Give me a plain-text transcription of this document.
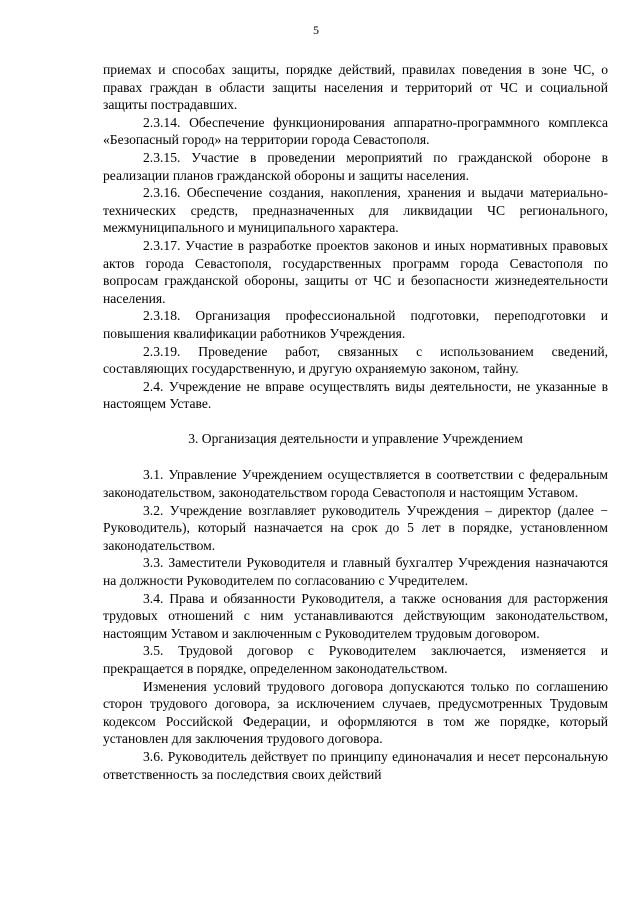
5

приемах и способах защиты, порядке действий, правилах поведения в зоне ЧС, о правах граждан в области защиты населения и территорий от ЧС и социальной защиты пострадавших.

2.3.14. Обеспечение функционирования аппаратно-программного комплекса «Безопасный город» на территории города Севастополя.

2.3.15. Участие в проведении мероприятий по гражданской обороне в реализации планов гражданской обороны и защиты населения.

2.3.16. Обеспечение создания, накопления, хранения и выдачи материально-технических средств, предназначенных для ликвидации ЧС регионального, межмуниципального и муниципального характера.

2.3.17. Участие в разработке проектов законов и иных нормативных правовых актов города Севастополя, государственных программ города Севастополя по вопросам гражданской обороны, защиты от ЧС и безопасности жизнедеятельности населения.

2.3.18. Организация профессиональной подготовки, переподготовки и повышения квалификации работников Учреждения.

2.3.19. Проведение работ, связанных с использованием сведений, составляющих государственную, и другую охраняемую законом, тайну.

2.4. Учреждение не вправе осуществлять виды деятельности, не указанные в настоящем Уставе.

3. Организация деятельности и управление Учреждением

3.1. Управление Учреждением осуществляется в соответствии с федеральным законодательством, законодательством города Севастополя и настоящим Уставом.

3.2. Учреждение возглавляет руководитель Учреждения – директор (далее − Руководитель), который назначается на срок до 5 лет в порядке, установленном законодательством.

3.3. Заместители Руководителя и главный бухгалтер Учреждения назначаются на должности Руководителем по согласованию с Учредителем.

3.4. Права и обязанности Руководителя, а также основания для расторжения трудовых отношений с ним устанавливаются действующим законодательством, настоящим Уставом и заключенным с Руководителем трудовым договором.

3.5. Трудовой договор с Руководителем заключается, изменяется и прекращается в порядке, определенном законодательством.

Изменения условий трудового договора допускаются только по соглашению сторон трудового договора, за исключением случаев, предусмотренных Трудовым кодексом Российской Федерации, и оформляются в том же порядке, который установлен для заключения трудового договора.

3.6. Руководитель действует по принципу единоначалия и несет персональную ответственность за последствия своих действий
